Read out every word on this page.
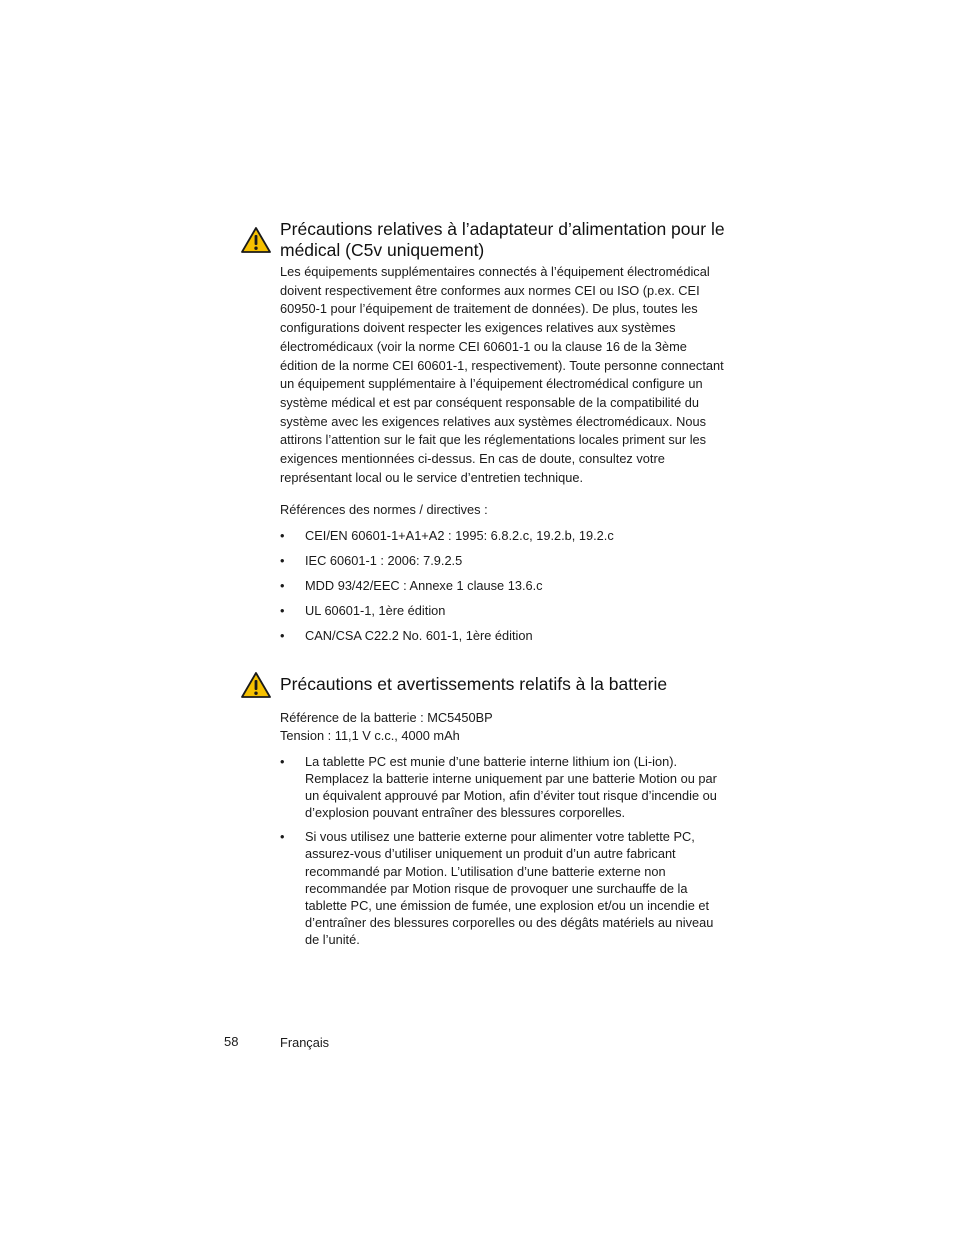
Précautions relatives à l’adaptateur d’alimentation pour le médical (C5v uniquement)

Les équipements supplémentaires connectés à l’équipement électromédical doivent respectivement être conformes aux normes CEI ou ISO (p.ex. CEI 60950-1 pour l’équipement de traitement de données). De plus, toutes les configurations doivent respecter les exigences relatives aux systèmes électromédicaux (voir la norme CEI 60601-1 ou la clause 16 de la 3ème édition de la norme CEI 60601-1, respectivement). Toute personne connectant un équipement supplémentaire à l’équipement électromédical configure un système médical et est par conséquent responsable de la compatibilité du système avec les exigences relatives aux systèmes électromédicaux. Nous attirons l’attention sur le fait que les réglementations locales priment sur les exigences mentionnées ci-dessus. En cas de doute, consultez votre représentant local ou le service d’entretien technique.

Références des normes / directives :

• CEI/EN 60601-1+A1+A2 : 1995: 6.8.2.c, 19.2.b, 19.2.c
• IEC 60601-1 : 2006: 7.9.2.5
• MDD 93/42/EEC : Annexe 1 clause 13.6.c
• UL 60601-1, 1ère édition
• CAN/CSA C22.2 No. 601-1, 1ère édition
Précautions et avertissements relatifs à la batterie

Référence de la batterie : MC5450BP

Tension : 11,1 V c.c., 4000 mAh

• La tablette PC est munie d’une batterie interne lithium ion (Li-ion). Remplacez la batterie interne uniquement par une batterie Motion ou par un équivalent approuvé par Motion, afin d’éviter tout risque d’incendie ou d’explosion pouvant entraîner des blessures corporelles.
• Si vous utilisez une batterie externe pour alimenter votre tablette PC, assurez-vous d’utiliser uniquement un produit d’un autre fabricant recommandé par Motion. L’utilisation d’une batterie externe non recommandée par Motion risque de provoquer une surchauffe de la tablette PC, une émission de fumée, une explosion et/ou un incendie et d’entraîner des blessures corporelles ou des dégâts matériels au niveau de l’unité.
58	Français
